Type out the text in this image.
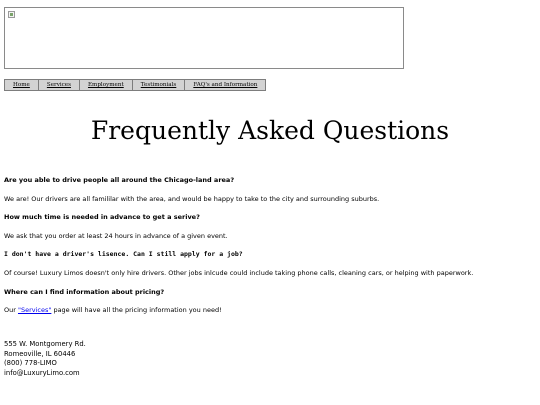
Home	Services	Employment	Testimonials	FAQ's and Information
Frequently Asked Questions

Are you able to drive people all around the Chicago-land area?

We are! Our drivers are all famililar with the area, and would be happy to take to the city and surrounding suburbs.

How much time is needed in advance to get a serive?

We ask that you order at least 24 hours in advance of a given event.

I don't have a driver's lisence. Can I still apply for a job?

Of course! Luxury Limos doesn't only hire drivers. Other jobs inlcude could include taking phone calls, cleaning cars, or helping with paperwork.

Where can I find information about pricing?

Our "Services" page will have all the pricing information you need!

555 W. Montgomery Rd.
Romeoville, IL 60446
(800) 778-LIMO
info@LuxuryLimo.com
